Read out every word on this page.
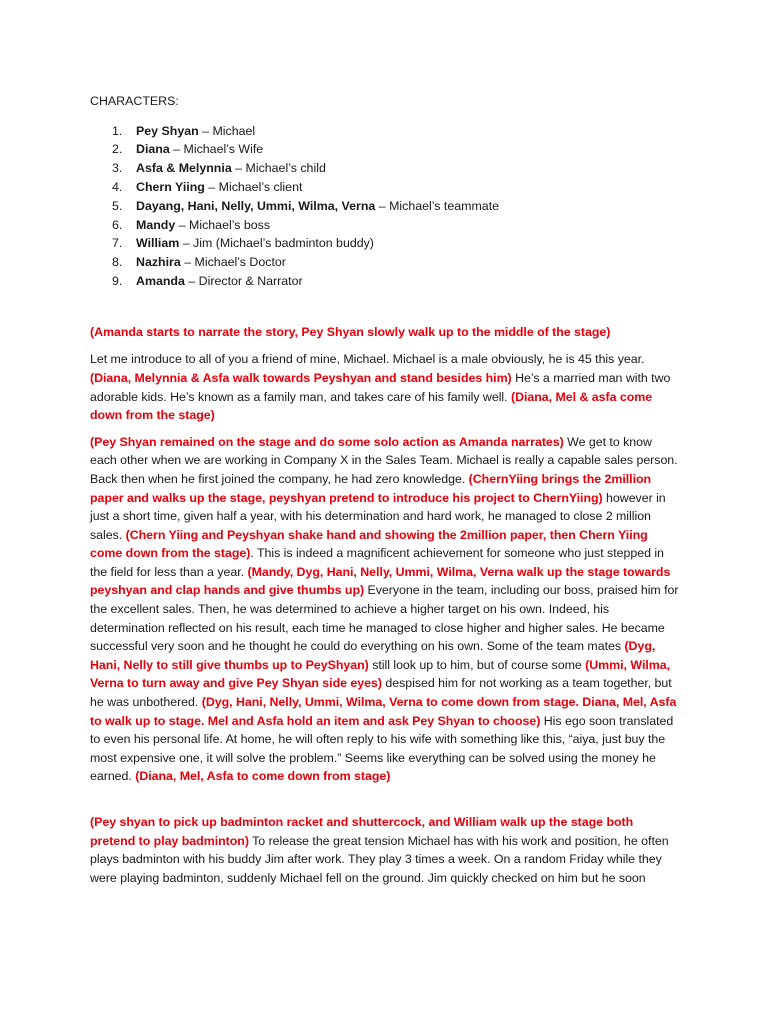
CHARACTERS:

1.	Pey Shyan – Michael
2.	Diana – Michael’s Wife
3.	Asfa & Melynnia – Michael’s child
4.	Chern Yiing – Michael’s client
5.	Dayang, Hani, Nelly, Ummi, Wilma, Verna – Michael’s teammate
6.	Mandy – Michael’s boss
7.	William – Jim (Michael’s badminton buddy)
8.	Nazhira – Michael’s Doctor
9.	Amanda – Director & Narrator

(Amanda starts to narrate the story, Pey Shyan slowly walk up to the middle of the stage)

Let me introduce to all of you a friend of mine, Michael. Michael is a male obviously, he is 45 this year. (Diana, Melynnia & Asfa walk towards Peyshyan and stand besides him) He’s a married man with two adorable kids. He’s known as a family man, and takes care of his family well. (Diana, Mel & asfa come down from the stage)

(Pey Shyan remained on the stage and do some solo action as Amanda narrates) We get to know each other when we are working in Company X in the Sales Team. Michael is really a capable sales person. Back then when he first joined the company, he had zero knowledge. (ChernYiing brings the 2million paper and walks up the stage, peyshyan pretend to introduce his project to ChernYiing) however in just a short time, given half a year, with his determination and hard work, he managed to close 2 million sales. (Chern Yiing and Peyshyan shake hand and showing the 2million paper, then Chern Yiing come down from the stage). This is indeed a magnificent achievement for someone who just stepped in the field for less than a year. (Mandy, Dyg, Hani, Nelly, Ummi, Wilma, Verna walk up the stage towards peyshyan and clap hands and give thumbs up) Everyone in the team, including our boss, praised him for the excellent sales. Then, he was determined to achieve a higher target on his own. Indeed, his determination reflected on his result, each time he managed to close higher and higher sales. He became successful very soon and he thought he could do everything on his own. Some of the team mates (Dyg, Hani, Nelly to still give thumbs up to PeyShyan) still look up to him, but of course some (Ummi, Wilma, Verna to turn away and give Pey Shyan side eyes) despised him for not working as a team together, but he was unbothered. (Dyg, Hani, Nelly, Ummi, Wilma, Verna to come down from stage. Diana, Mel, Asfa to walk up to stage. Mel and Asfa hold an item and ask Pey Shyan to choose) His ego soon translated to even his personal life. At home, he will often reply to his wife with something like this, “aiya, just buy the most expensive one, it will solve the problem.” Seems like everything can be solved using the money he earned. (Diana, Mel, Asfa to come down from stage)

(Pey shyan to pick up badminton racket and shuttercock, and William walk up the stage both pretend to play badminton) To release the great tension Michael has with his work and position, he often plays badminton with his buddy Jim after work. They play 3 times a week. On a random Friday while they were playing badminton, suddenly Michael fell on the ground. Jim quickly checked on him but he soon
